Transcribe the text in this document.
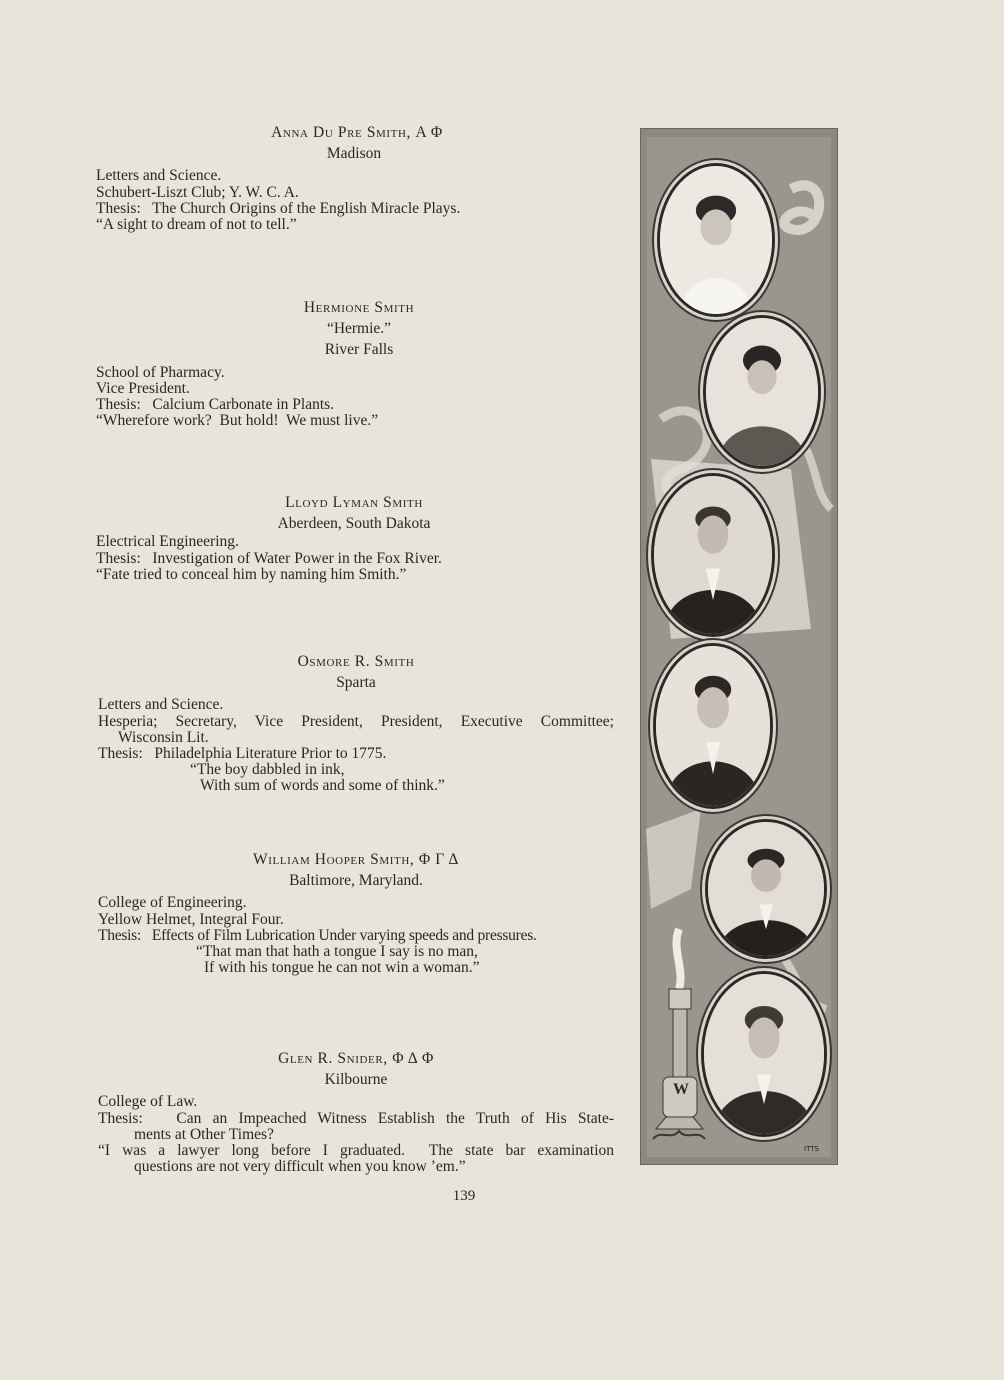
Anna Du Pre Smith, Α Φ
Madison
Letters and Science.
Schubert-Liszt Club; Y. W. C. A.
Thesis:   The Church Origins of the English Miracle Plays.
“A sight to dream of not to tell.”
Hermione Smith
“Hermie.”
River Falls
School of Pharmacy.
Vice President.
Thesis:   Calcium Carbonate in Plants.
“Wherefore work?  But hold!  We must live.”
Lloyd Lyman Smith
Aberdeen, South Dakota
Electrical Engineering.
Thesis:   Investigation of Water Power in the Fox River.
“Fate tried to conceal him by naming him Smith.”
Osmore R. Smith
Sparta
Letters and Science.
Hesperia; Secretary, Vice President, President, Executive Committee;
Wisconsin Lit.
Thesis:   Philadelphia Literature Prior to 1775.
“The boy dabbled in ink,
With sum of words and some of think.”
William Hooper Smith, Φ Γ Δ
Baltimore, Maryland.
College of Engineering.
Yellow Helmet, Integral Four.
Thesis:   Effects of Film Lubrication Under varying speeds and pressures.
“That man that hath a tongue I say is no man,
If with his tongue he can not win a woman.”
Glen R. Snider, Φ Δ Φ
Kilbourne
College of Law.
Thesis:   Can an Impeached Witness Establish the Truth of His State-
ments at Other Times?
“I was a lawyer long before I graduated.  The state bar examination
questions are not very difficult when you know ’em.”
139
W
ITTS
